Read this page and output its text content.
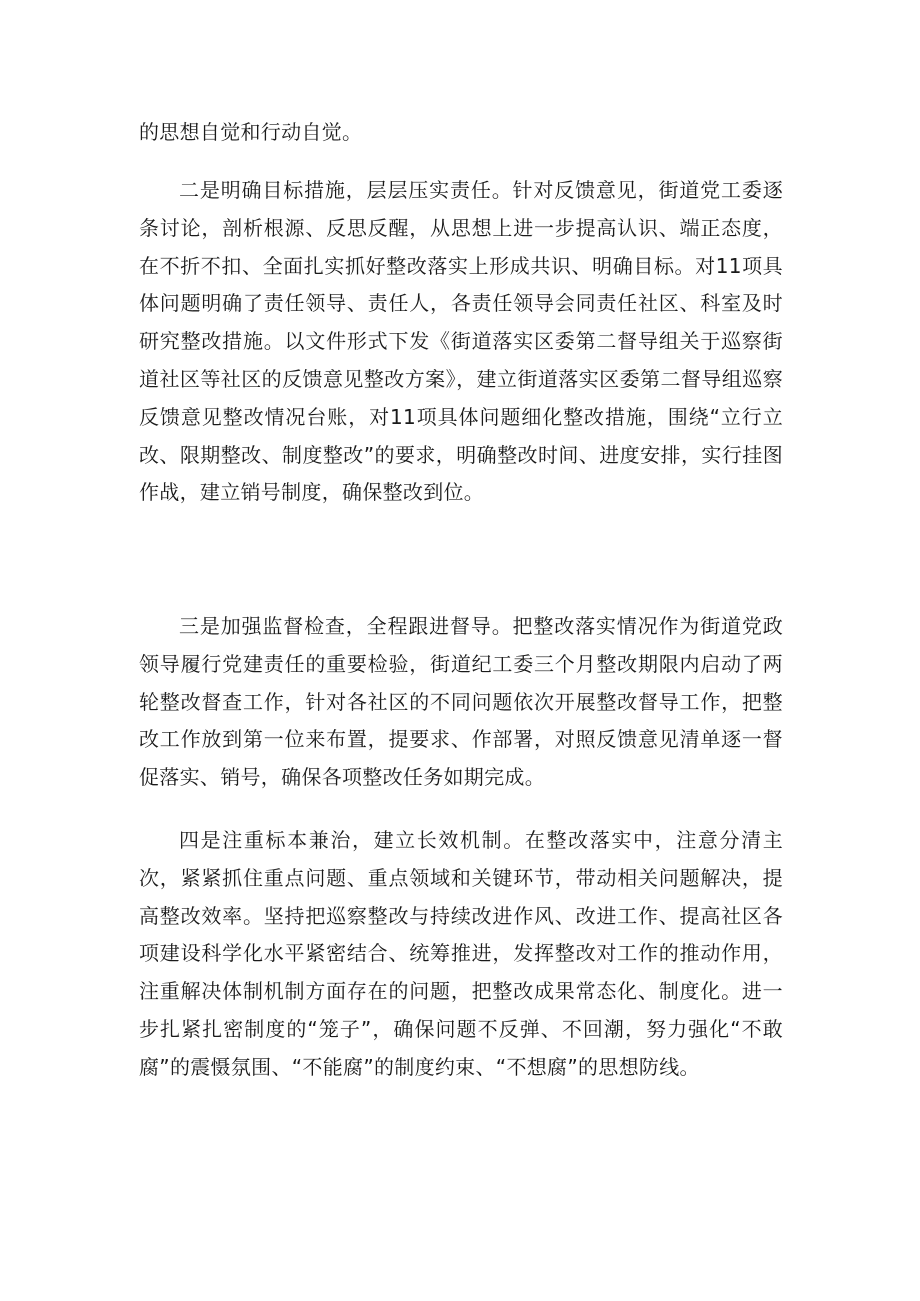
的思想自觉和行动自觉。

二是明确目标措施，层层压实责任。针对反馈意见，街道党工委逐条讨论，剖析根源、反思反醒，从思想上进一步提高认识、端正态度，在不折不扣、全面扎实抓好整改落实上形成共识、明确目标。对11项具体问题明确了责任领导、责任人，各责任领导会同责任社区、科室及时研究整改措施。以文件形式下发《街道落实区委第二督导组关于巡察街道社区等社区的反馈意见整改方案》，建立街道落实区委第二督导组巡察反馈意见整改情况台账，对11项具体问题细化整改措施，围绕“立行立改、限期整改、制度整改”的要求，明确整改时间、进度安排，实行挂图作战，建立销号制度，确保整改到位。

三是加强监督检查，全程跟进督导。把整改落实情况作为街道党政领导履行党建责任的重要检验，街道纪工委三个月整改期限内启动了两轮整改督查工作，针对各社区的不同问题依次开展整改督导工作，把整改工作放到第一位来布置，提要求、作部署，对照反馈意见清单逐一督促落实、销号，确保各项整改任务如期完成。

四是注重标本兼治，建立长效机制。在整改落实中，注意分清主次，紧紧抓住重点问题、重点领域和关键环节，带动相关问题解决，提高整改效率。坚持把巡察整改与持续改进作风、改进工作、提高社区各项建设科学化水平紧密结合、统筹推进，发挥整改对工作的推动作用，注重解决体制机制方面存在的问题，把整改成果常态化、制度化。进一步扎紧扎密制度的“笼子”，确保问题不反弹、不回潮，努力强化“不敢腐”的震慑氛围、“不能腐”的制度约束、“不想腐”的思想防线。
